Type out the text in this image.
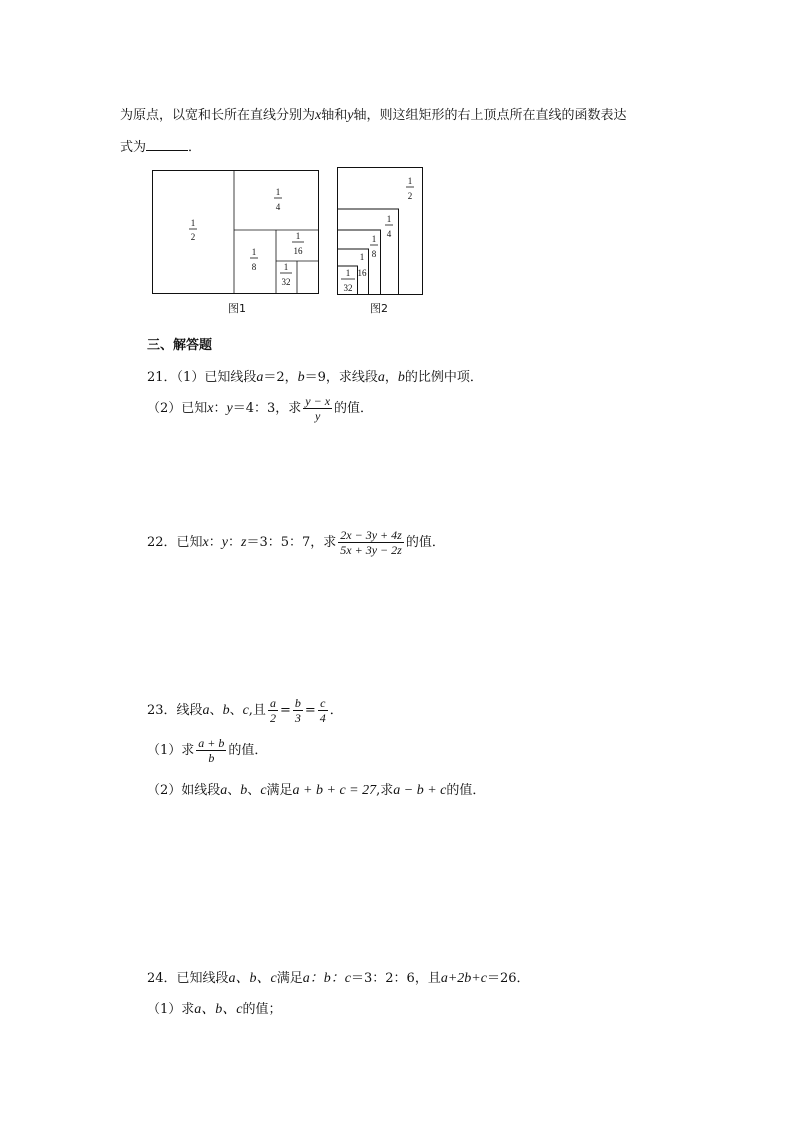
为原点，以宽和长所在直线分别为x轴和y轴，则这组矩形的右上顶点所在直线的函数表达
式为	．
1
2
1
4
1
8
1
16
1
32
图1
1
2
1
4
1
8
1
16
1
32
图2
三、解答题
21．（1）已知线段a＝2，b＝9，求线段a，b的比例中项．
（2）已知x：y＝4：3，求 $\frac{y - x}{y}$ 的值．
22．已知x：y：z＝3：5：7，求 $\frac{2x - 3y + 4z}{5x + 3y - 2z}$ 的值．
23．线段a、b、c,且 $\frac{a}{2} = \frac{b}{3} = \frac{c}{4}$ ．
（1）求 $\frac{a + b}{b}$ 的值．
（2）如线段a、b、c满足a + b + c = 27,求a − b + c的值．
24．已知线段a、b、c满足a：b：c＝3：2：6，且a+2b+c＝26．
（1）求a、b、c的值；
